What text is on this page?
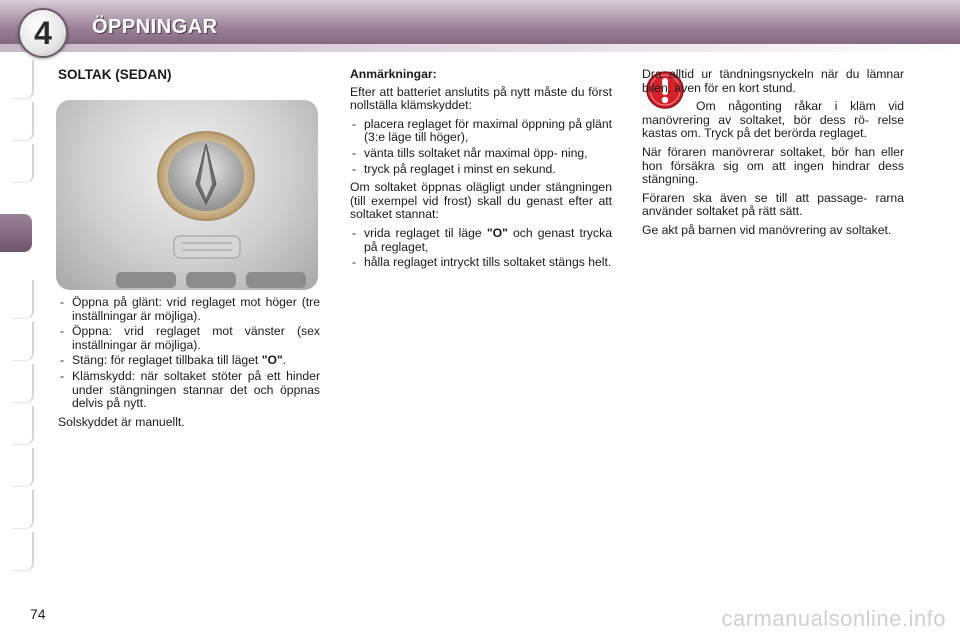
4 ÖPPNINGAR

SOLTAK (SEDAN)

- Öppna på glänt: vrid reglaget mot höger (tre inställningar är möjliga).
- Öppna: vrid reglaget mot vänster (sex inställningar är möjliga).
- Stäng: för reglaget tillbaka till läget "O".
- Klämskydd: när soltaket stöter på ett hinder under stängningen stannar det och öppnas delvis på nytt.

Solskyddet är manuellt.

Anmärkningar:

Efter att batteriet anslutits på nytt måste du först nollställa klämskyddet:

- placera reglaget för maximal öppning på glänt (3:e läge till höger),
- vänta tills soltaket når maximal öpp- ning,
- tryck på reglaget i minst en sekund.

Om soltaket öppnas olägligt under stängningen (till exempel vid frost) skall du genast efter att soltaket stannat:

- vrida reglaget til läge "O" och genast trycka på reglaget,
- hålla reglaget intryckt tills soltaket stängs helt.

Dra alltid ur tändningsnyckeln när du lämnar bilen, även för en kort stund.

Om någonting råkar i kläm vid manövrering av soltaket, bör dess rö- relse kastas om. Tryck på det berörda reglaget.

När föraren manövrerar soltaket, bör han eller hon försäkra sig om att ingen hindrar dess stängning.

Föraren ska även se till att passage- rarna använder soltaket på rätt sätt.

Ge akt på barnen vid manövrering av soltaket.

74	carmanualsonline.info
